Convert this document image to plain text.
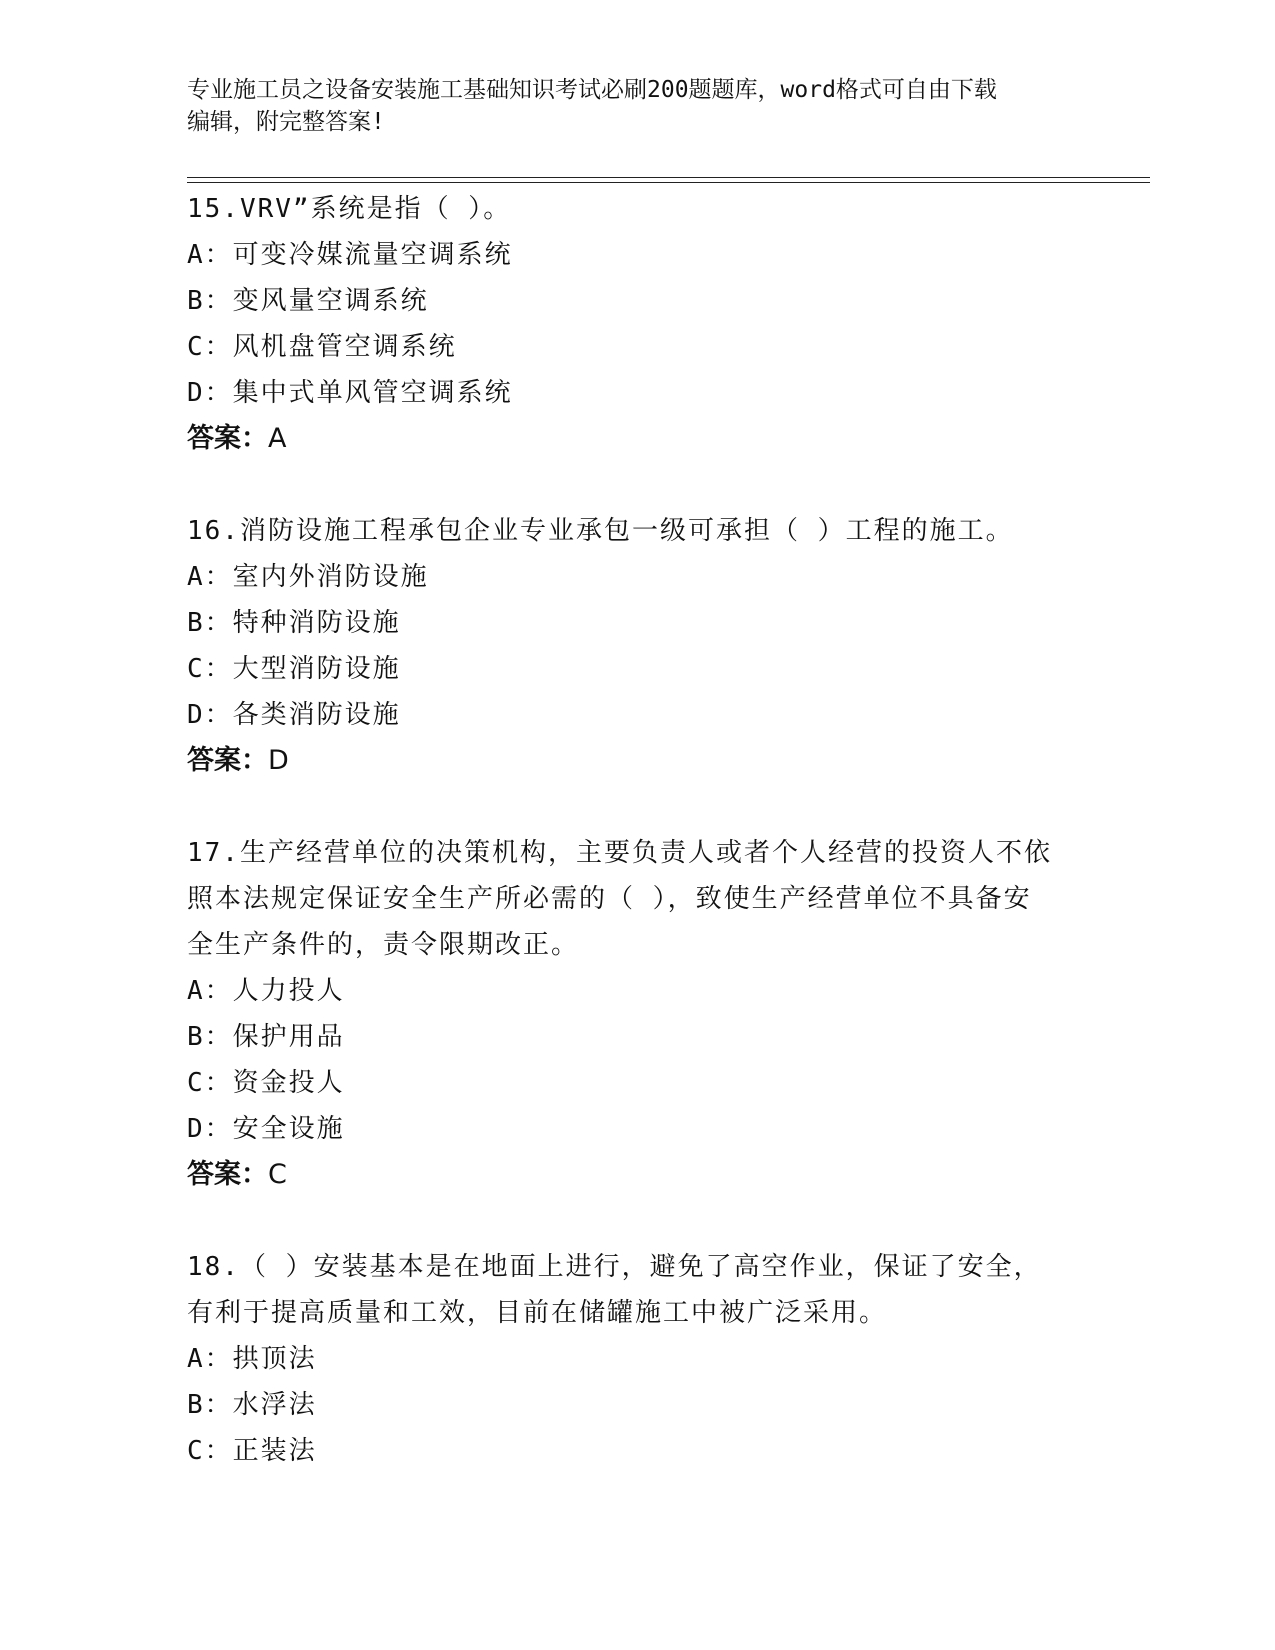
专业施工员之设备安装施工基础知识考试必刷200题题库，word格式可自由下载
编辑，附完整答案!
15.VRV”系统是指（ ）。
A：可变冷媒流量空调系统
B：变风量空调系统
C：风机盘管空调系统
D：集中式单风管空调系统
答案：A
16.消防设施工程承包企业专业承包一级可承担（ ）工程的施工。
A：室内外消防设施
B：特种消防设施
C：大型消防设施
D：各类消防设施
答案：D
17.生产经营单位的决策机构，主要负责人或者个人经营的投资人不依
照本法规定保证安全生产所必需的（ ），致使生产经营单位不具备安
全生产条件的，责令限期改正。
A：人力投人
B：保护用品
C：资金投人
D：安全设施
答案：C
18.（ ）安装基本是在地面上进行，避免了高空作业，保证了安全，
有利于提高质量和工效，目前在储罐施工中被广泛采用。
A：拱顶法
B：水浮法
C：正装法
